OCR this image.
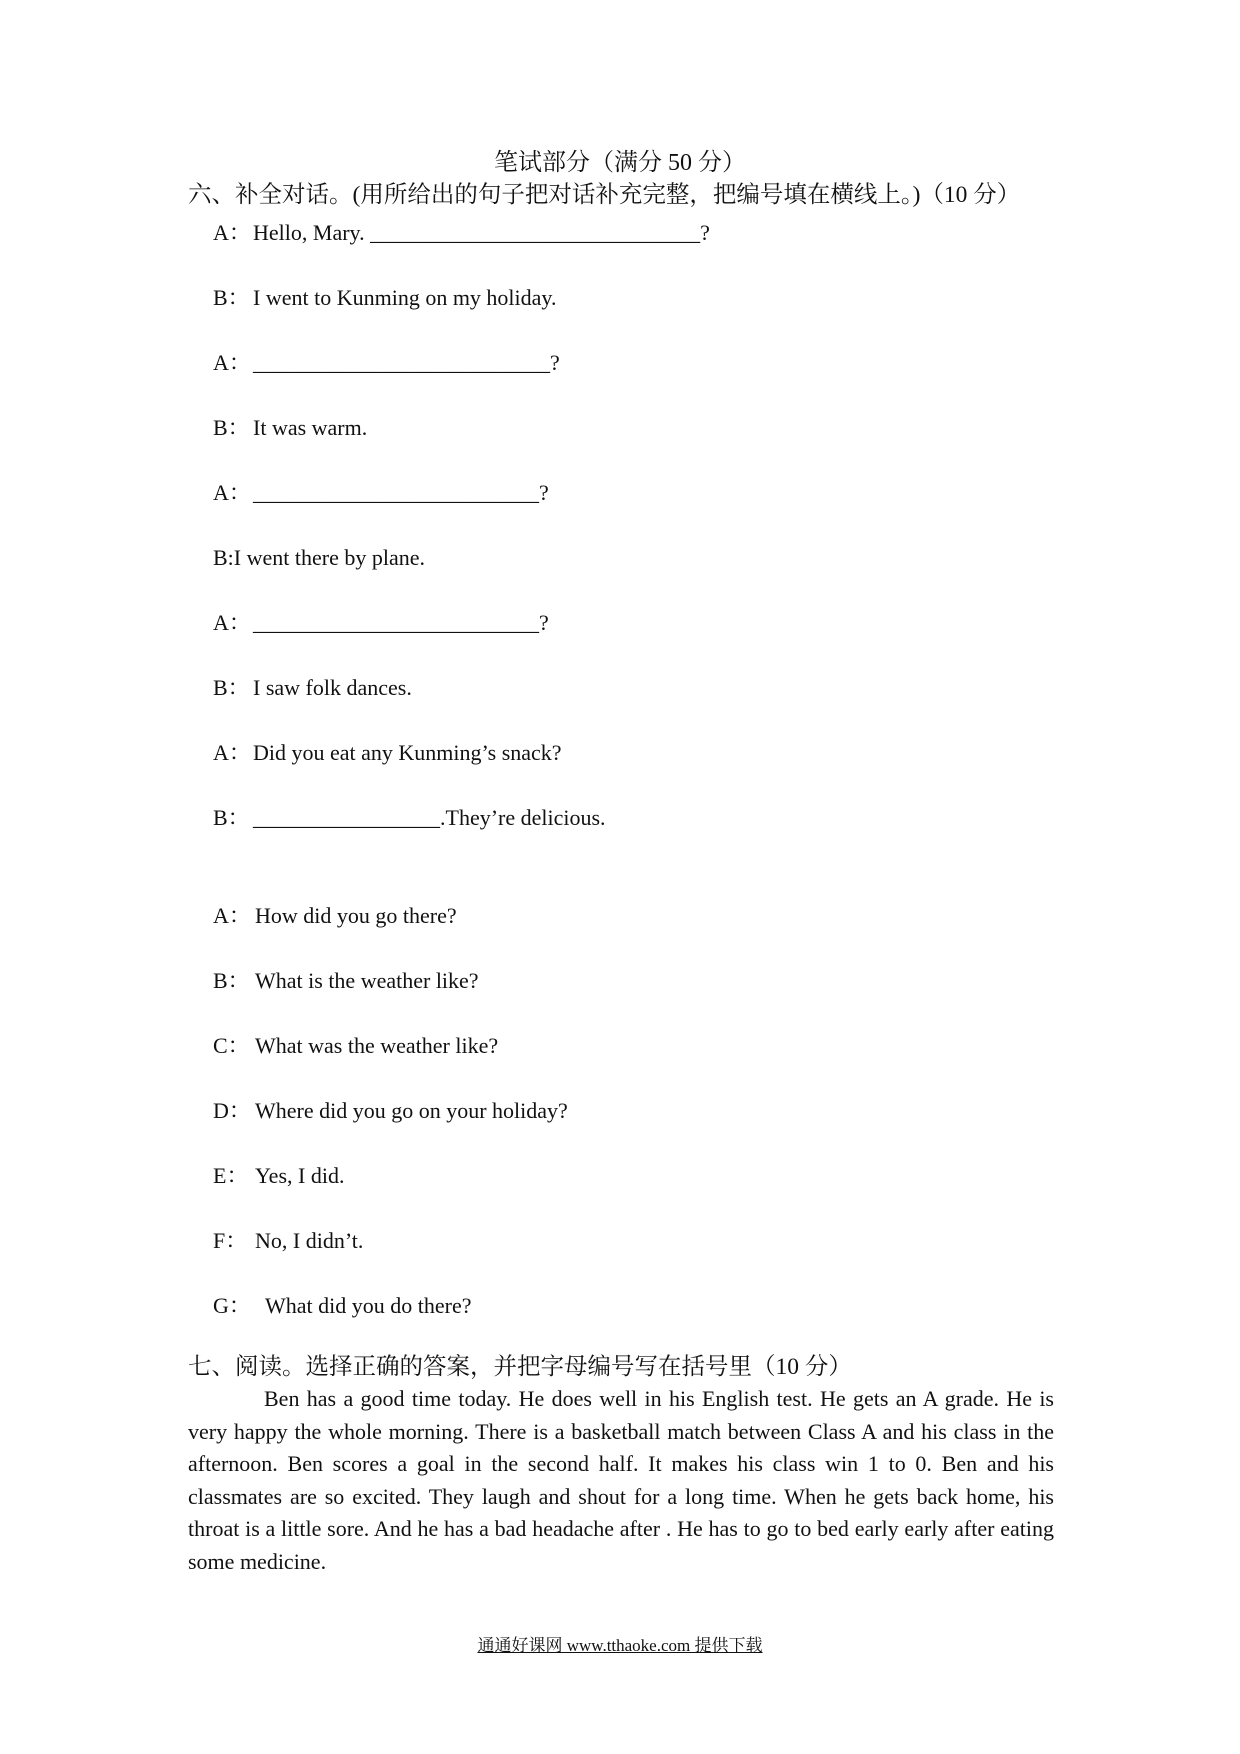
笔试部分（满分 50 分）
六、补全对话。(用所给出的句子把对话补充完整，把编号填在横线上。)（10 分）
A：Hello, Mary. ______________________________?
B： I went to Kunming on my holiday.
A：___________________________?
B： It was warm.
A：__________________________?
B:I went there by plane.
A：__________________________?
B： I saw folk dances.
A：Did you eat any Kunming’s snack?
B： _________________.They’re delicious.
A： How did you go there?
B： What is the weather like?
C： What was the weather like?
D： Where did you go on your holiday?
E： Yes, I did.
F： No, I didn’t.
G： What did you do there?
七、阅读。选择正确的答案，并把字母编号写在括号里（10 分）
Ben has a good time today. He does well in his English test. He gets an A grade. He is very happy the whole morning. There is a basketball match between Class A and his class in the afternoon. Ben scores a goal in the second half. It makes his class win 1 to 0. Ben and his classmates are so excited. They laugh and shout for a long time. When he gets back home, his throat is a little sore. And he has a bad headache after . He has to go to bed early early after eating some medicine.
通通好课网 www.tthaoke.com 提供下载
